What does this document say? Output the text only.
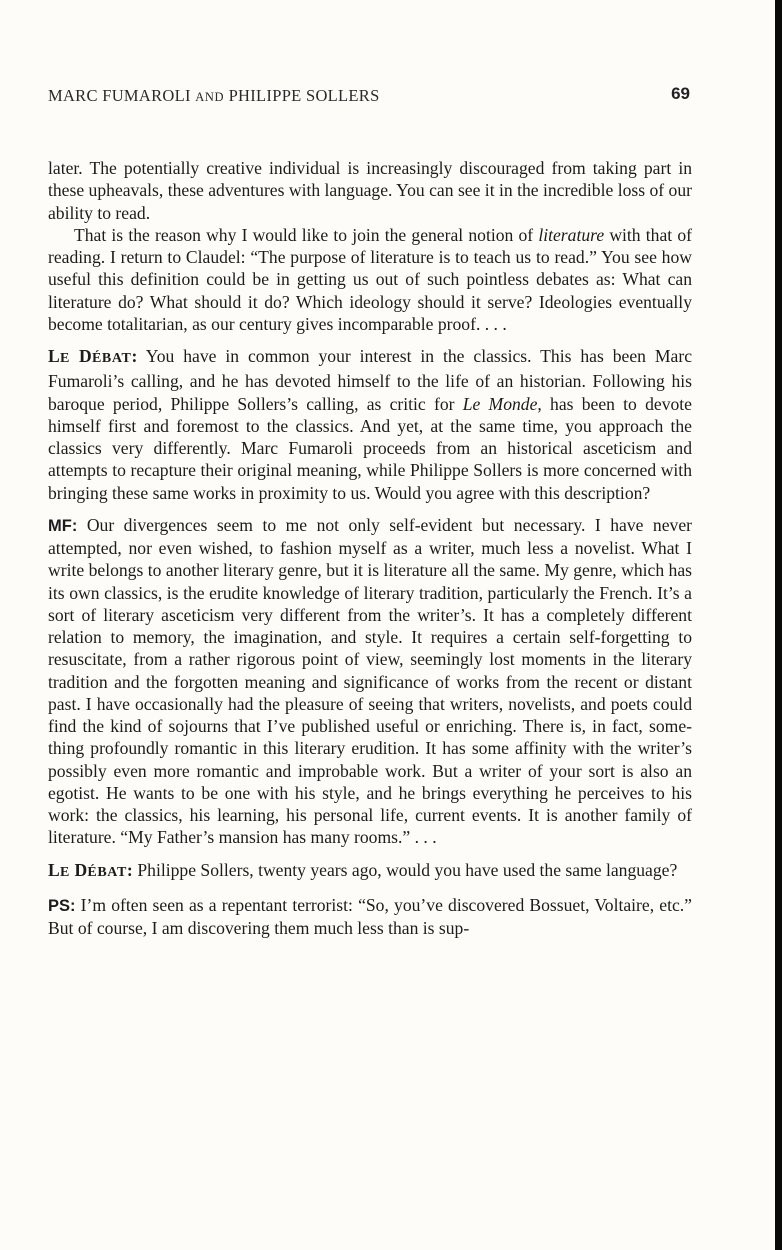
MARC FUMAROLI AND PHILIPPE SOLLERS	69

later. The potentially creative individual is increasingly discouraged from taking part in these upheavals, these adventures with language. You can see it in the incredible loss of our ability to read.

That is the reason why I would like to join the general notion of literature with that of reading. I return to Claudel: “The purpose of literature is to teach us to read.” You see how useful this definition could be in getting us out of such pointless debates as: What can literature do? What should it do? Which ideology should it serve? Ideologies eventually become totalitarian, as our century gives incomparable proof. . . .

LE DÉBAT: You have in common your interest in the classics. This has been Marc Fumaroli’s calling, and he has devoted himself to the life of an historian. Following his baroque period, Philippe Sollers’s calling, as critic for Le Monde, has been to devote himself first and foremost to the classics. And yet, at the same time, you approach the classics very differently. Marc Fumaroli proceeds from an historical asceticism and attempts to recapture their original meaning, while Philippe Sollers is more concerned with bringing these same works in proximity to us. Would you agree with this description?

MF: Our divergences seem to me not only self-evident but necessary. I have never attempted, nor even wished, to fashion myself as a writer, much less a novelist. What I write belongs to another literary genre, but it is literature all the same. My genre, which has its own classics, is the erudite knowledge of literary tradition, particularly the French. It’s a sort of literary asceticism very different from the writer’s. It has a completely different relation to memory, the imagination, and style. It requires a certain self-forgetting to resuscitate, from a rather rigorous point of view, seemingly lost moments in the literary tradition and the forgotten meaning and significance of works from the recent or distant past. I have occasionally had the pleasure of seeing that writers, novelists, and poets could find the kind of sojourns that I’ve published useful or enriching. There is, in fact, something profoundly romantic in this literary erudition. It has some affinity with the writer’s possibly even more romantic and improbable work. But a writer of your sort is also an egotist. He wants to be one with his style, and he brings everything he perceives to his work: the classics, his learning, his personal life, current events. It is another family of literature. “My Father’s mansion has many rooms.” . . .

LE DÉBAT: Philippe Sollers, twenty years ago, would you have used the same language?

PS: I’m often seen as a repentant terrorist: “So, you’ve discovered Bossuet, Voltaire, etc.” But of course, I am discovering them much less than is sup-
